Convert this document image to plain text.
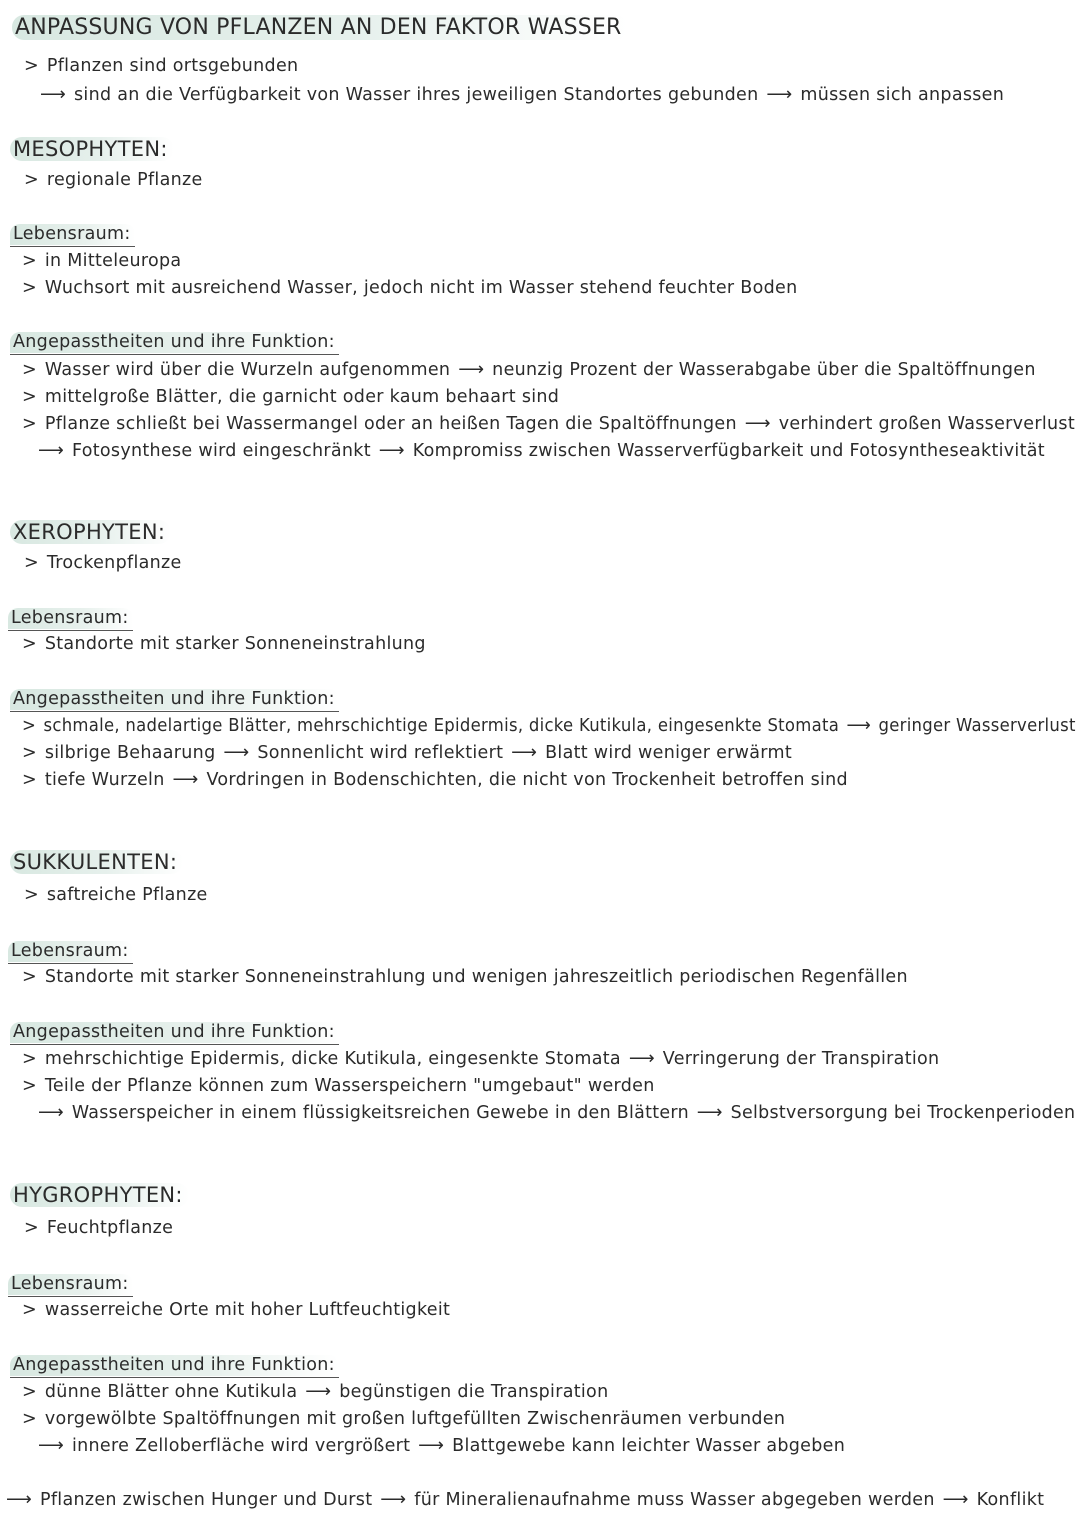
ANPASSUNG VON PFLANZEN AN DEN FAKTOR WASSER
> Pflanzen sind ortsgebunden
⟶ sind an die Verfügbarkeit von Wasser ihres jeweiligen Standortes gebunden ⟶ müssen sich anpassen
MESOPHYTEN:
> regionale Pflanze
Lebensraum:
> in Mitteleuropa
> Wuchsort mit ausreichend Wasser, jedoch nicht im Wasser stehend feuchter Boden
Angepasstheiten und ihre Funktion:
> Wasser wird über die Wurzeln aufgenommen ⟶ neunzig Prozent der Wasserabgabe über die Spaltöffnungen
> mittelgroße Blätter, die garnicht oder kaum behaart sind
> Pflanze schließt bei Wassermangel oder an heißen Tagen die Spaltöffnungen ⟶ verhindert großen Wasserverlust
⟶ Fotosynthese wird eingeschränkt ⟶ Kompromiss zwischen Wasserverfügbarkeit und Fotosyntheseaktivität
XEROPHYTEN:
> Trockenpflanze
Lebensraum:
> Standorte mit starker Sonneneinstrahlung
Angepasstheiten und ihre Funktion:
> schmale, nadelartige Blätter, mehrschichtige Epidermis, dicke Kutikula, eingesenkte Stomata ⟶ geringer Wasserverlust
> silbrige Behaarung ⟶ Sonnenlicht wird reflektiert ⟶ Blatt wird weniger erwärmt
> tiefe Wurzeln ⟶ Vordringen in Bodenschichten, die nicht von Trockenheit betroffen sind
SUKKULENTEN:
> saftreiche Pflanze
Lebensraum:
> Standorte mit starker Sonneneinstrahlung und wenigen jahreszeitlich periodischen Regenfällen
Angepasstheiten und ihre Funktion:
> mehrschichtige Epidermis, dicke Kutikula, eingesenkte Stomata ⟶ Verringerung der Transpiration
> Teile der Pflanze können zum Wasserspeichern "umgebaut" werden
⟶ Wasserspeicher in einem flüssigkeitsreichen Gewebe in den Blättern ⟶ Selbstversorgung bei Trockenperioden
HYGROPHYTEN:
> Feuchtpflanze
Lebensraum:
> wasserreiche Orte mit hoher Luftfeuchtigkeit
Angepasstheiten und ihre Funktion:
> dünne Blätter ohne Kutikula ⟶ begünstigen die Transpiration
> vorgewölbte Spaltöffnungen mit großen luftgefüllten Zwischenräumen verbunden
⟶ innere Zelloberfläche wird vergrößert ⟶ Blattgewebe kann leichter Wasser abgeben
⟶ Pflanzen zwischen Hunger und Durst ⟶ für Mineralienaufnahme muss Wasser abgegeben werden ⟶ Konflikt
